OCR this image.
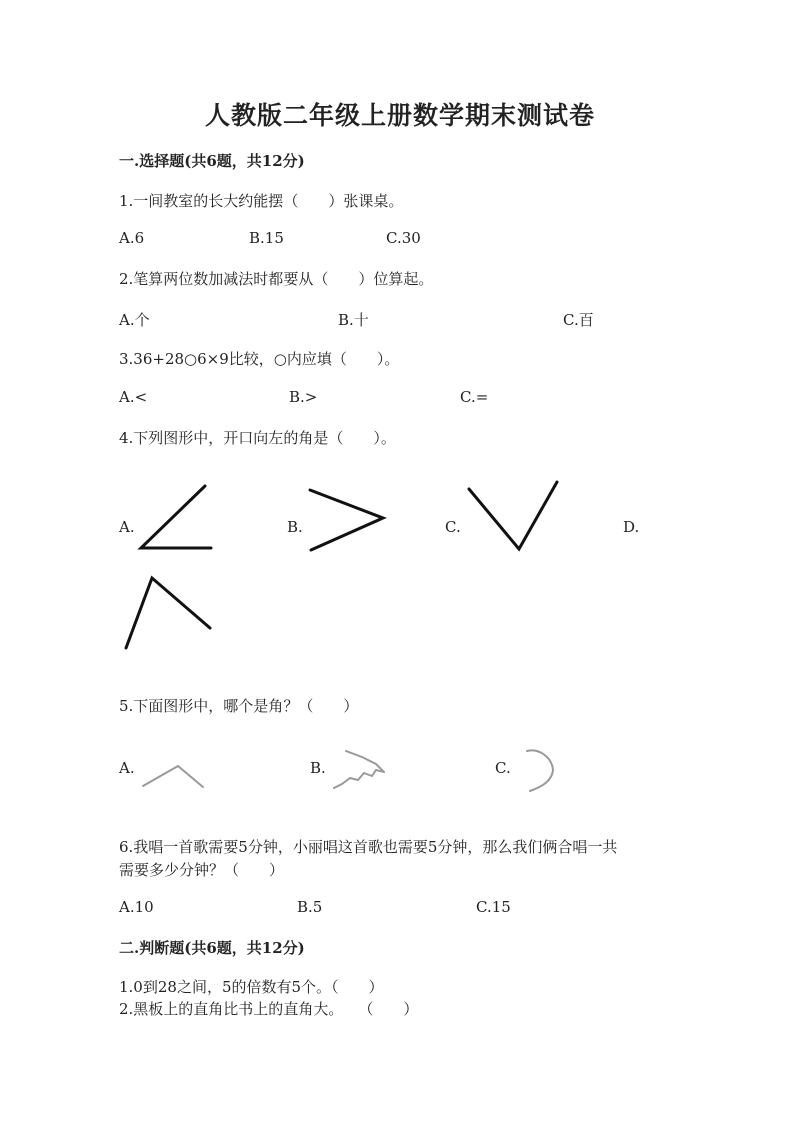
人教版二年级上册数学期末测试卷
一.选择题(共6题，共12分)
1.一间教室的长大约能摆（　　）张课桌。
A.6	B.15	C.30
2.笔算两位数加减法时都要从（　　）位算起。
A.个	B.十	C.百
3.36+28○6×9比较，○内应填（　　）。
A.<	B.>	C.=
4.下列图形中，开口向左的角是（　　）。
A.	B.	C.	D.
5.下面图形中，哪个是角？（　　）
A.	B.	C.
6.我唱一首歌需要5分钟，小丽唱这首歌也需要5分钟，那么我们俩合唱一共
需要多少分钟？（　　）
A.10	B.5	C.15
二.判断题(共6题，共12分)
1.0到28之间，5的倍数有5个。（　　）
2.黑板上的直角比书上的直角大。　　（　　）
